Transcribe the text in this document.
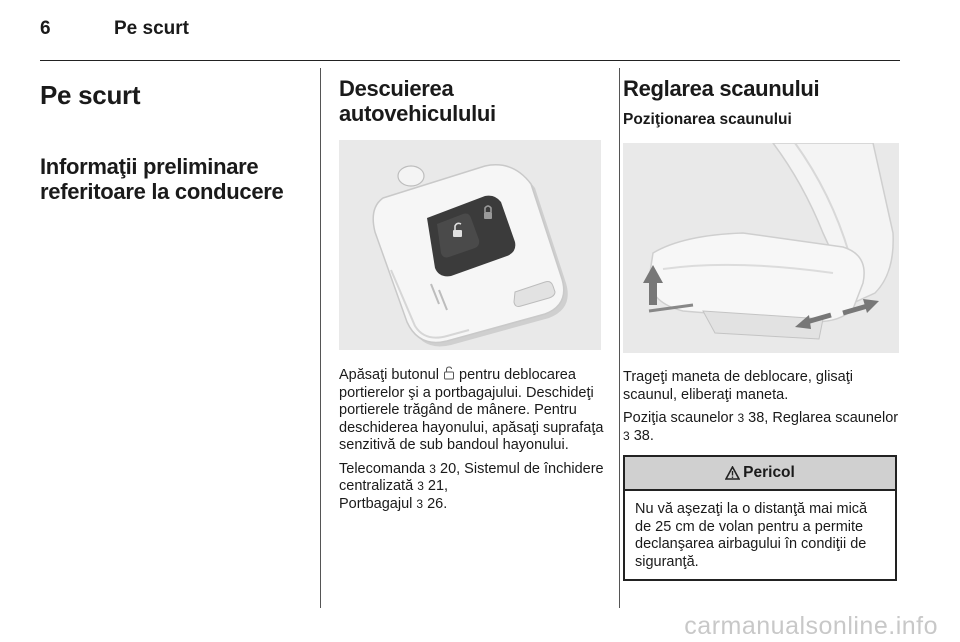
6	Pe scurt
Pe scurt
Informaţii preliminare referitoare la conducere
Descuierea
autovehiculului

Apăsaţi butonul pentru deblocarea portierelor şi a portbagajului. Deschideţi portierele trăgând de mânere. Pentru deschiderea hayonului, apăsaţi suprafaţa senzitivă de sub bandoul hayonului.

Telecomanda 3 20, Sistemul de închidere centralizată 3 21,
Portbagajul 3 26.

Reglarea scaunului
Poziţionarea scaunului

Trageţi maneta de deblocare, glisaţi scaunul, eliberaţi maneta.

Poziţia scaunelor 3 38, Reglarea scaunelor 3 38.

Pericol
Nu vă aşezaţi la o distanţă mai mică de 25 cm de volan pentru a permite declanşarea airbagului în condiţii de siguranţă.
carmanualsonline.info
